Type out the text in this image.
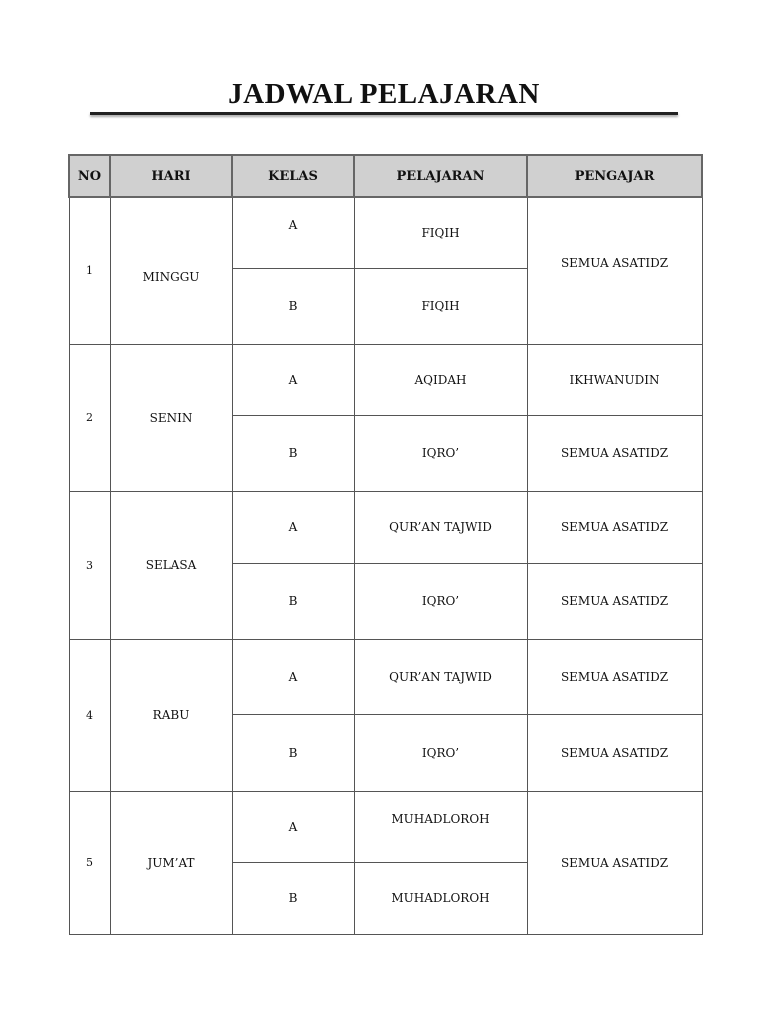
JADWAL PELAJARAN
NO	HARI	KELAS	PELAJARAN	PENGAJAR
1	MINGGU	A	FIQIH	SEMUA ASATIDZ
		B	FIQIH	
2	SENIN	A	AQIDAH	IKHWANUDIN
		B	IQRO’	SEMUA ASATIDZ
3	SELASA	A	QUR’AN TAJWID	SEMUA ASATIDZ
		B	IQRO’	SEMUA ASATIDZ
4	RABU	A	QUR’AN TAJWID	SEMUA ASATIDZ
		B	IQRO’	SEMUA ASATIDZ
5	JUM’AT	A	MUHADLOROH	SEMUA ASATIDZ
		B	MUHADLOROH	
